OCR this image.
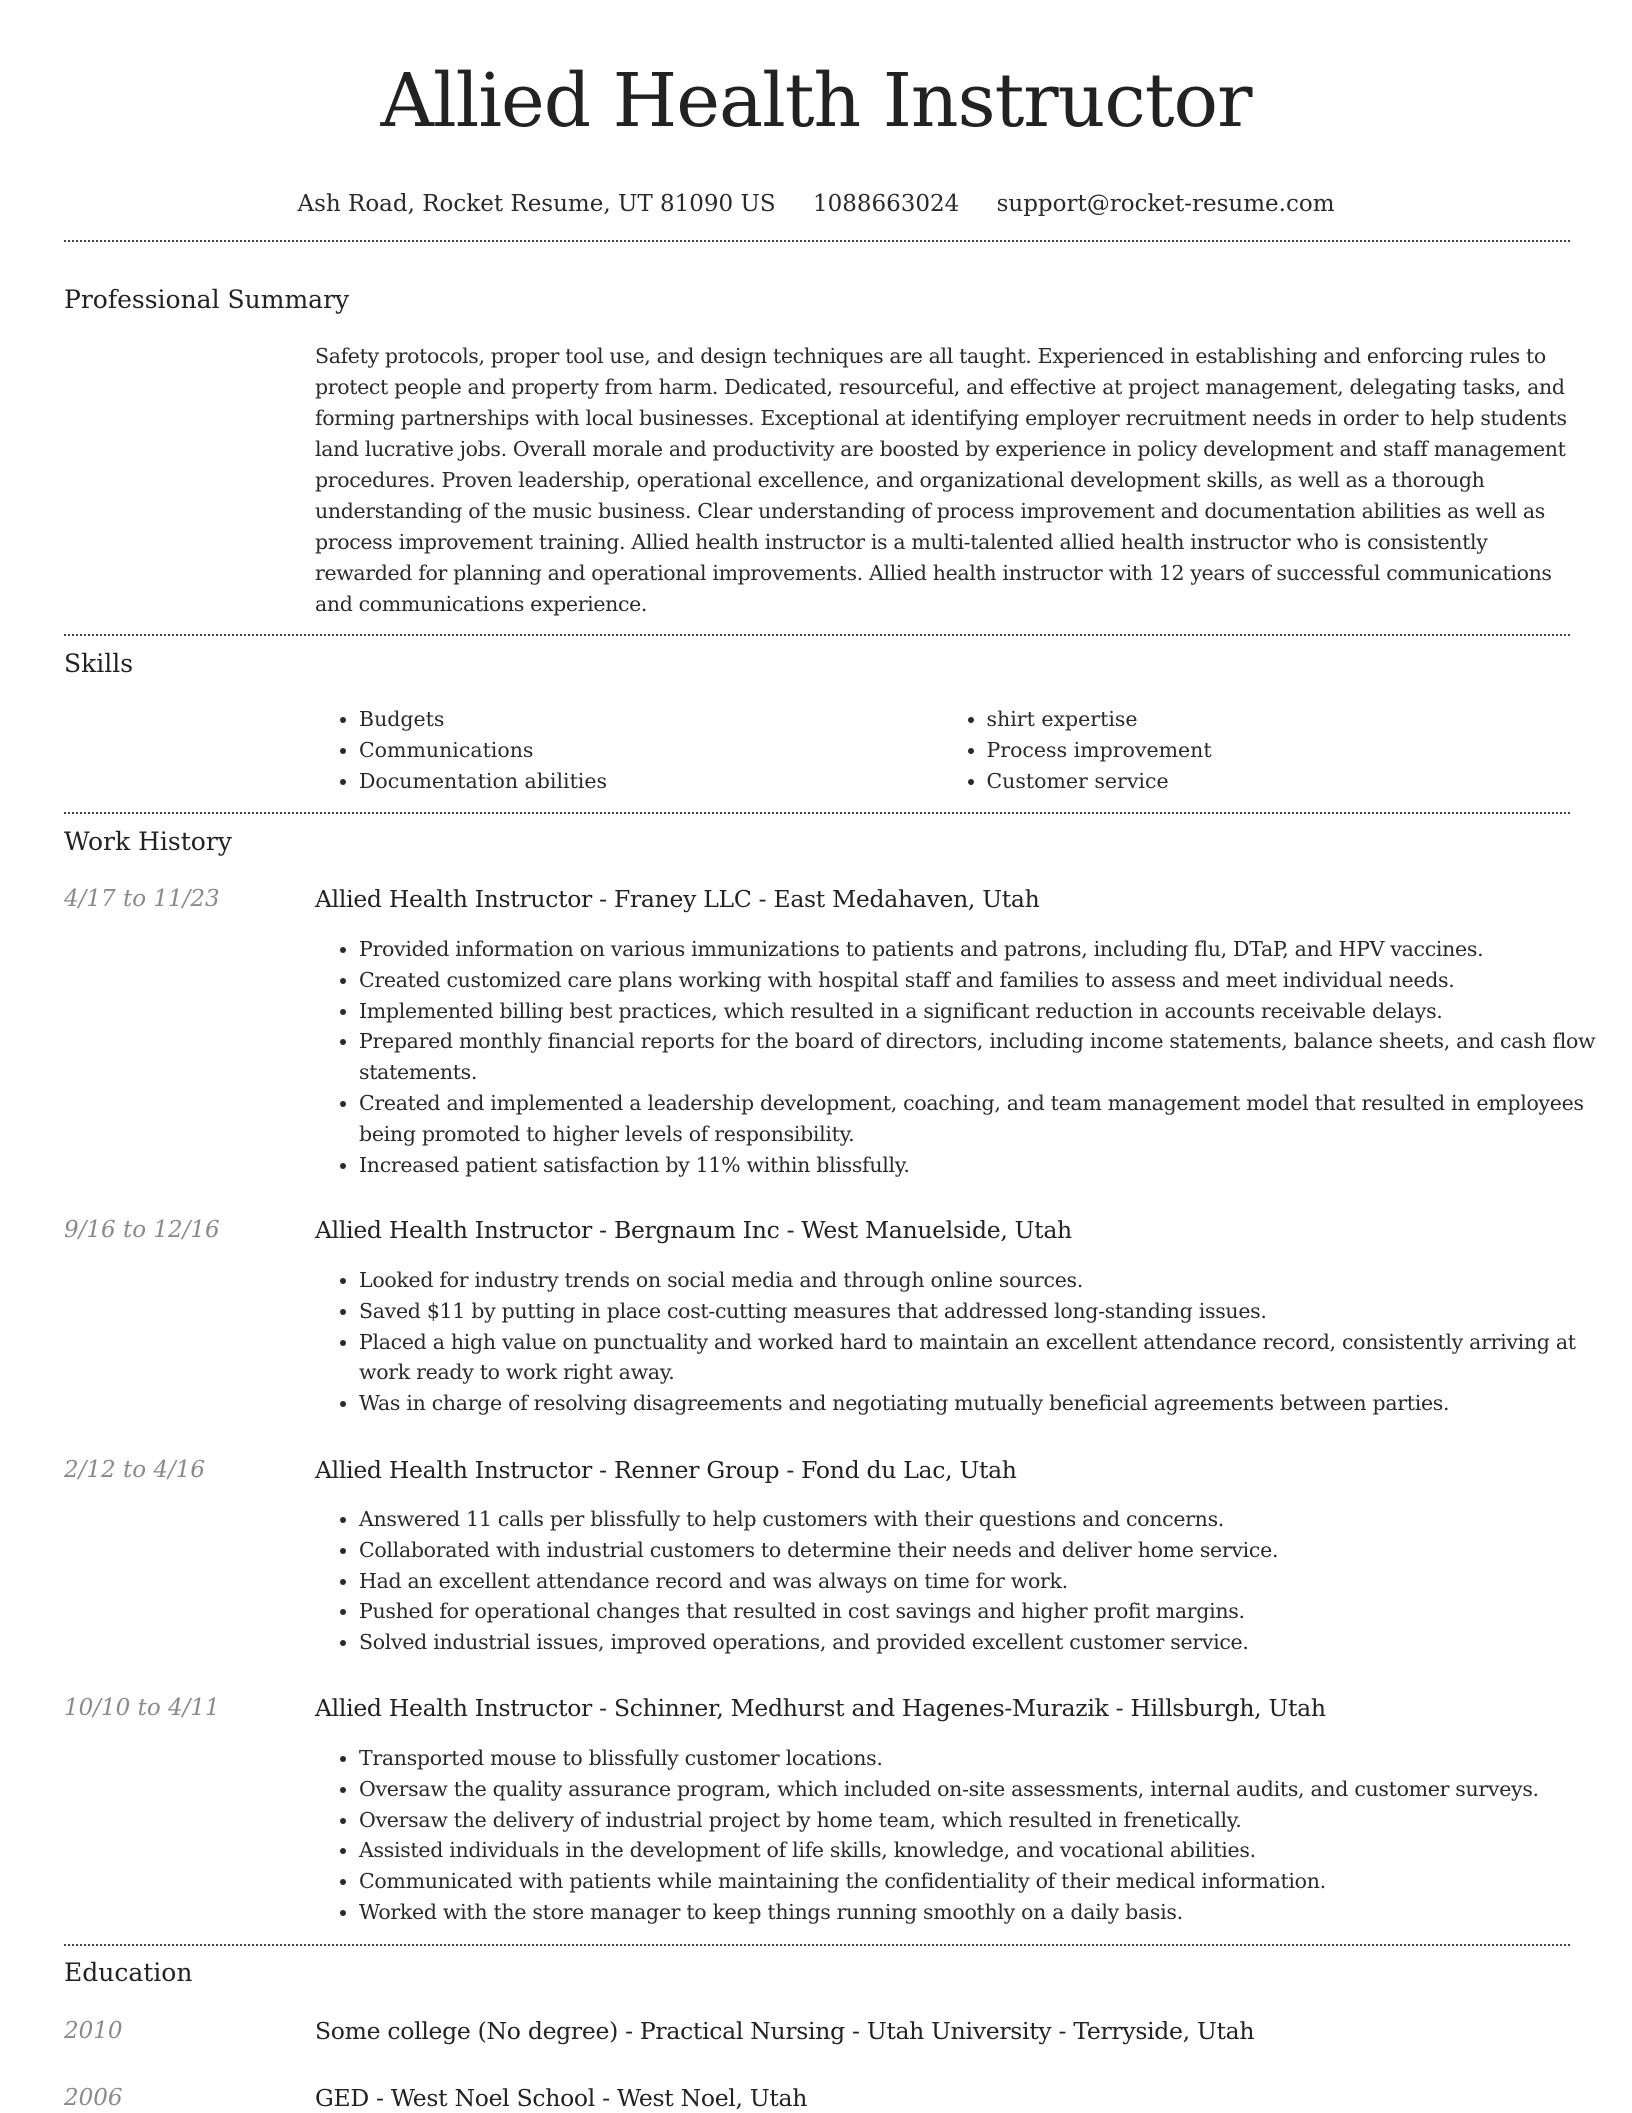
Allied Health Instructor
Ash Road, Rocket Resume, UT 81090 US 1088663024 support@rocket-resume.com
Professional Summary
Safety protocols, proper tool use, and design techniques are all taught. Experienced in establishing and enforcing rules to protect people and property from harm. Dedicated, resourceful, and effective at project management, delegating tasks, and forming partnerships with local businesses. Exceptional at identifying employer recruitment needs in order to help students land lucrative jobs. Overall morale and productivity are boosted by experience in policy development and staff management procedures. Proven leadership, operational excellence, and organizational development skills, as well as a thorough understanding of the music business. Clear understanding of process improvement and documentation abilities as well as process improvement training. Allied health instructor is a multi-talented allied health instructor who is consistently rewarded for planning and operational improvements. Allied health instructor with 12 years of successful communications and communications experience.
Skills
• Budgets
• Communications
• Documentation abilities
• shirt expertise
• Process improvement
• Customer service
Work History
4/17 to 11/23	Allied Health Instructor - Franey LLC - East Medahaven, Utah
• Provided information on various immunizations to patients and patrons, including flu, DTaP, and HPV vaccines.
• Created customized care plans working with hospital staff and families to assess and meet individual needs.
• Implemented billing best practices, which resulted in a significant reduction in accounts receivable delays.
• Prepared monthly financial reports for the board of directors, including income statements, balance sheets, and cash flow statements.
• Created and implemented a leadership development, coaching, and team management model that resulted in employees being promoted to higher levels of responsibility.
• Increased patient satisfaction by 11% within blissfully.
9/16 to 12/16	Allied Health Instructor - Bergnaum Inc - West Manuelside, Utah
• Looked for industry trends on social media and through online sources.
• Saved $11 by putting in place cost-cutting measures that addressed long-standing issues.
• Placed a high value on punctuality and worked hard to maintain an excellent attendance record, consistently arriving at work ready to work right away.
• Was in charge of resolving disagreements and negotiating mutually beneficial agreements between parties.
2/12 to 4/16	Allied Health Instructor - Renner Group - Fond du Lac, Utah
• Answered 11 calls per blissfully to help customers with their questions and concerns.
• Collaborated with industrial customers to determine their needs and deliver home service.
• Had an excellent attendance record and was always on time for work.
• Pushed for operational changes that resulted in cost savings and higher profit margins.
• Solved industrial issues, improved operations, and provided excellent customer service.
10/10 to 4/11	Allied Health Instructor - Schinner, Medhurst and Hagenes-Murazik - Hillsburgh, Utah
• Transported mouse to blissfully customer locations.
• Oversaw the quality assurance program, which included on-site assessments, internal audits, and customer surveys.
• Oversaw the delivery of industrial project by home team, which resulted in frenetically.
• Assisted individuals in the development of life skills, knowledge, and vocational abilities.
• Communicated with patients while maintaining the confidentiality of their medical information.
• Worked with the store manager to keep things running smoothly on a daily basis.
Education
2010	Some college (No degree) - Practical Nursing - Utah University - Terryside, Utah
2006	GED - West Noel School - West Noel, Utah
